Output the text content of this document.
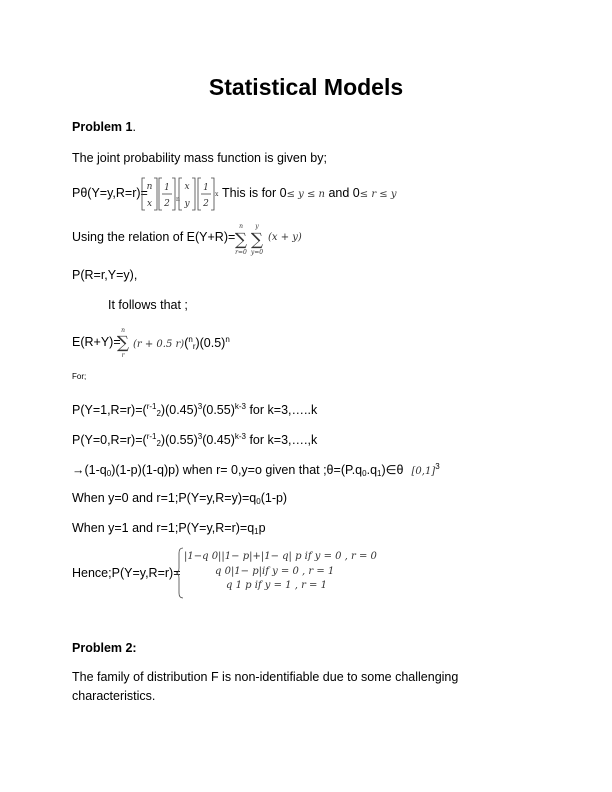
Statistical Models
Problem 1.
The joint probability mass function is given by;
Pθ(Y=y,R=r)=
n
x
1
2
x
y
1
2
n
x This is for 0≤ y ≤ n and 0≤ r ≤ y
Using the relation of E(Y+R)=
n
r=0
y
y=0
∑ ∑ (x + y)
P(R=r,Y=y),
It follows that ;
E(R+Y)=
n
r
∑ (r + 0.5 $r)(^n_r)(0.5)^n$
For;
$P(Y=1,R=r)=(^{r-1}_2)(0.45)^3(0.55)^{k-3}$ for k=3,…..k
$P(Y=0,R=r)=(^{r-1}_2)(0.55)^3(0.45)^{k-3}$ for k=3,….,k
$\to(1-q_0)(1-p)(1-q)p$) when r= 0,y=o given that $;\theta=(P.q_0.q_1)\in\theta$ $[0,1]^3$
When y=0 and $r=1;P(Y=y,R=y)=q_0(1-p)$
When y=1 and $r=1;P(Y=y,R=r)=q_1p$
Hence;P(Y=y,R=r)=
|1−q 0||1− p|+|1− q| p if y = 0 , r = 0
q 0|1− p|if y = 0 , r = 1
q 1 p if y = 1 , r = 1
Problem 2:
The family of distribution F is non-identifiable due to some challenging
characteristics.
